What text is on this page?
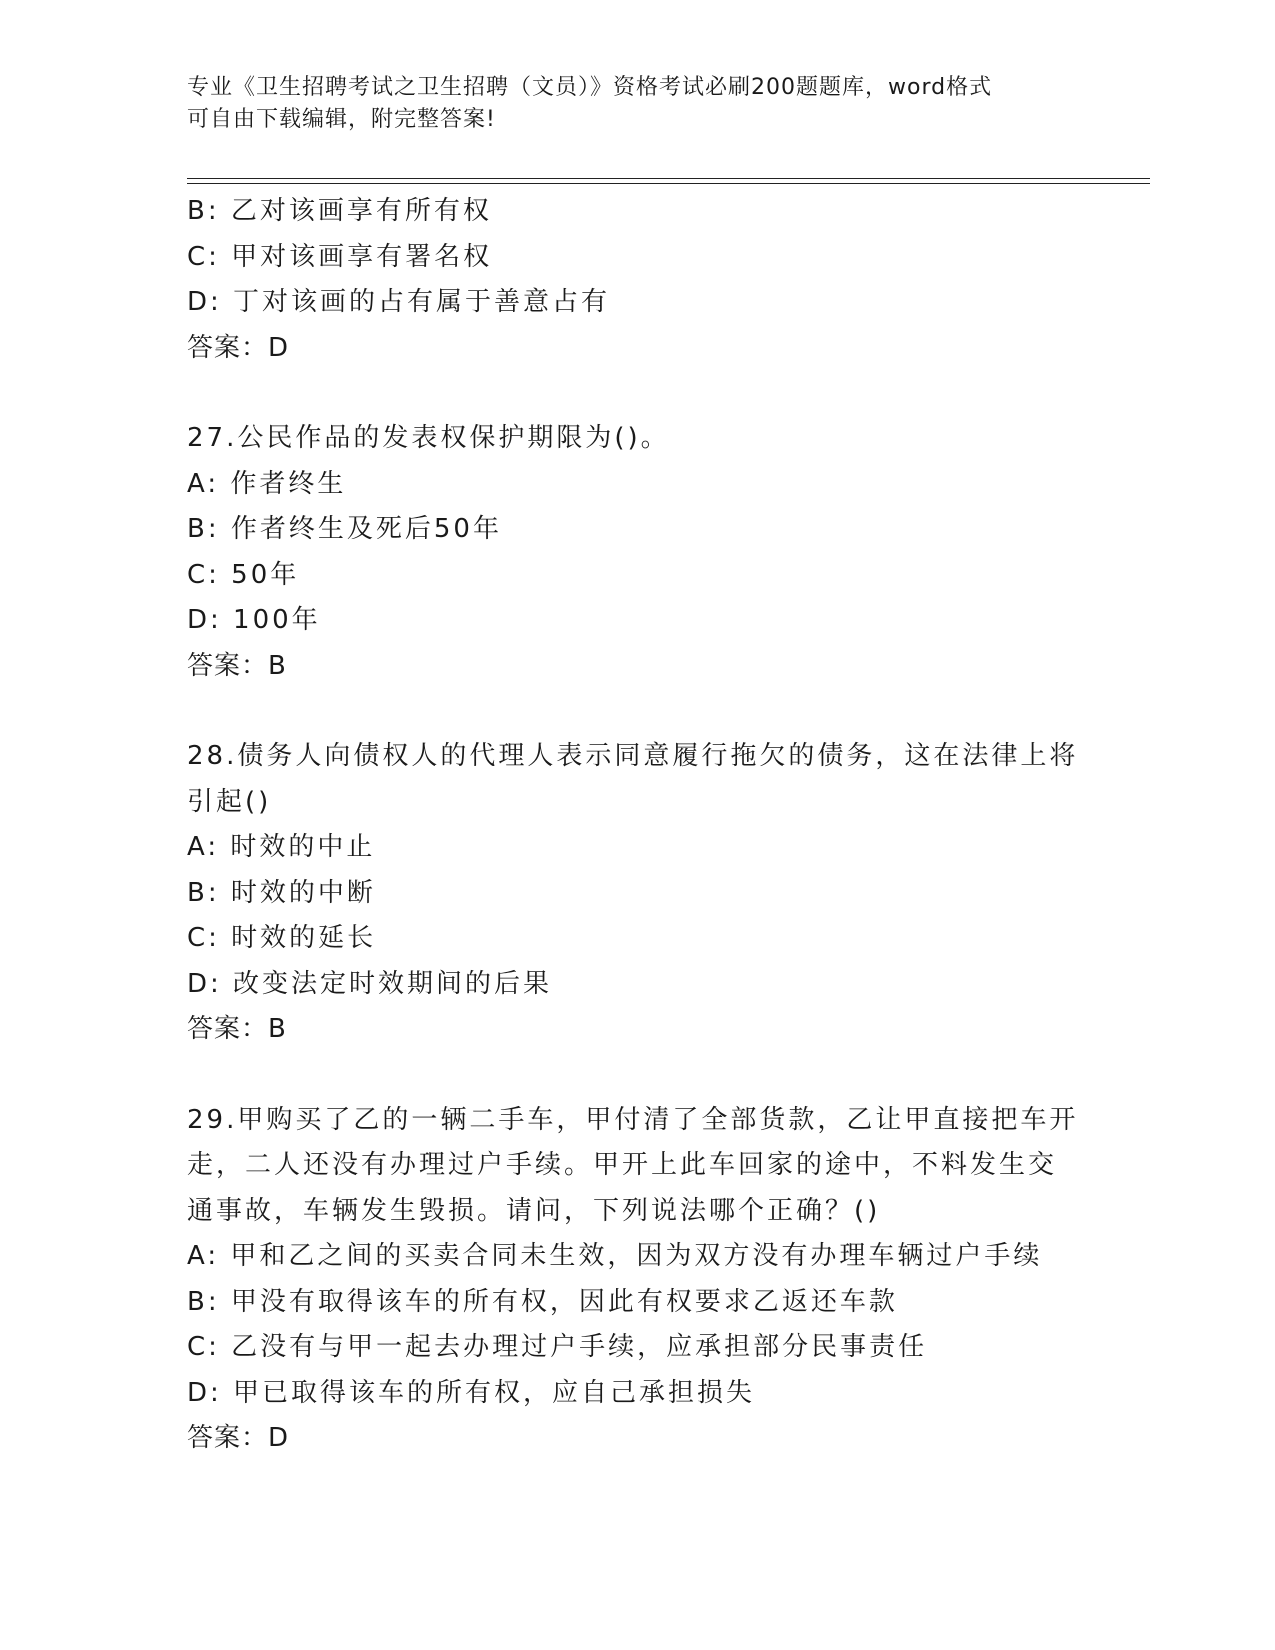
专业《卫生招聘考试之卫生招聘（文员）》资格考试必刷200题题库，word格式
可自由下载编辑，附完整答案!
B: 乙对该画享有所有权
C: 甲对该画享有署名权
D: 丁对该画的占有属于善意占有
答案：D
27.公民作品的发表权保护期限为()。
A: 作者终生
B: 作者终生及死后50年
C: 50年
D: 100年
答案：B
28.债务人向债权人的代理人表示同意履行拖欠的债务，这在法律上将
引起()
A: 时效的中止
B: 时效的中断
C: 时效的延长
D: 改变法定时效期间的后果
答案：B
29.甲购买了乙的一辆二手车，甲付清了全部货款，乙让甲直接把车开
走，二人还没有办理过户手续。甲开上此车回家的途中，不料发生交
通事故，车辆发生毁损。请问，下列说法哪个正确？()
A: 甲和乙之间的买卖合同未生效，因为双方没有办理车辆过户手续
B: 甲没有取得该车的所有权，因此有权要求乙返还车款
C: 乙没有与甲一起去办理过户手续，应承担部分民事责任
D: 甲已取得该车的所有权，应自己承担损失
答案：D
